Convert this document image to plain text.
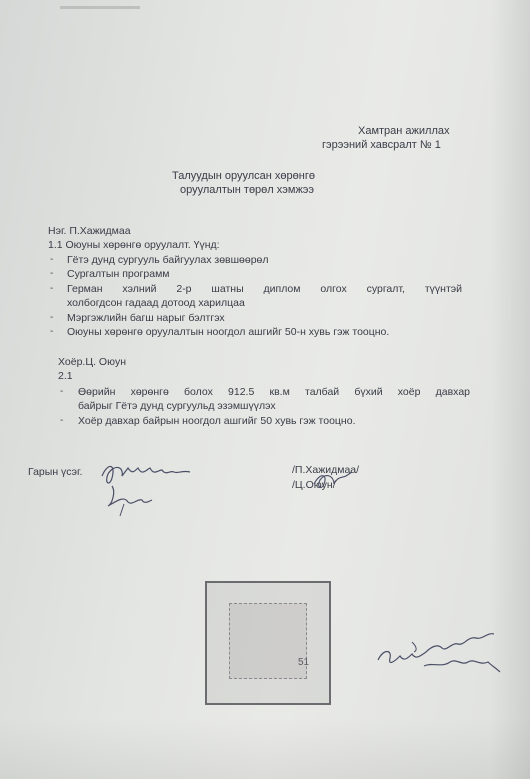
Хамтран ажиллах
гэрээний хавсралт № 1
Талуудын оруулсан хөрөнгө
оруулалтын төрөл хэмжээ
Нэг. П.Хажидмаа
1.1 Оюуны хөрөнгө оруулалт. Үүнд:
- Гётэ дунд сургууль байгуулах зөвшөөрөл
- Сургалтын программ
- Герман хэлний 2-р шатны диплом олгох сургалт, түүнтэй
холбогдсон гадаад дотоод харилцаа
- Мэргэжлийн багш нарыг бэлтгэх
- Оюуны хөрөнгө оруулалтын ноогдол ашгийг 50-н хувь гэж тооцно.
Хоёр.Ц. Оюун
2.1
- Өөрийн хөрөнгө болох 912.5 кв.м талбай бүхий хоёр давхар
байрыг Гётэ дунд сургуульд эзэмшүүлэх
- Хоёр давхар байрын ноогдол ашгийг 50 хувь гэж тооцно.
Гарын үсэг.	/П.Хажидмаа/
/Ц.Оюун/
51
